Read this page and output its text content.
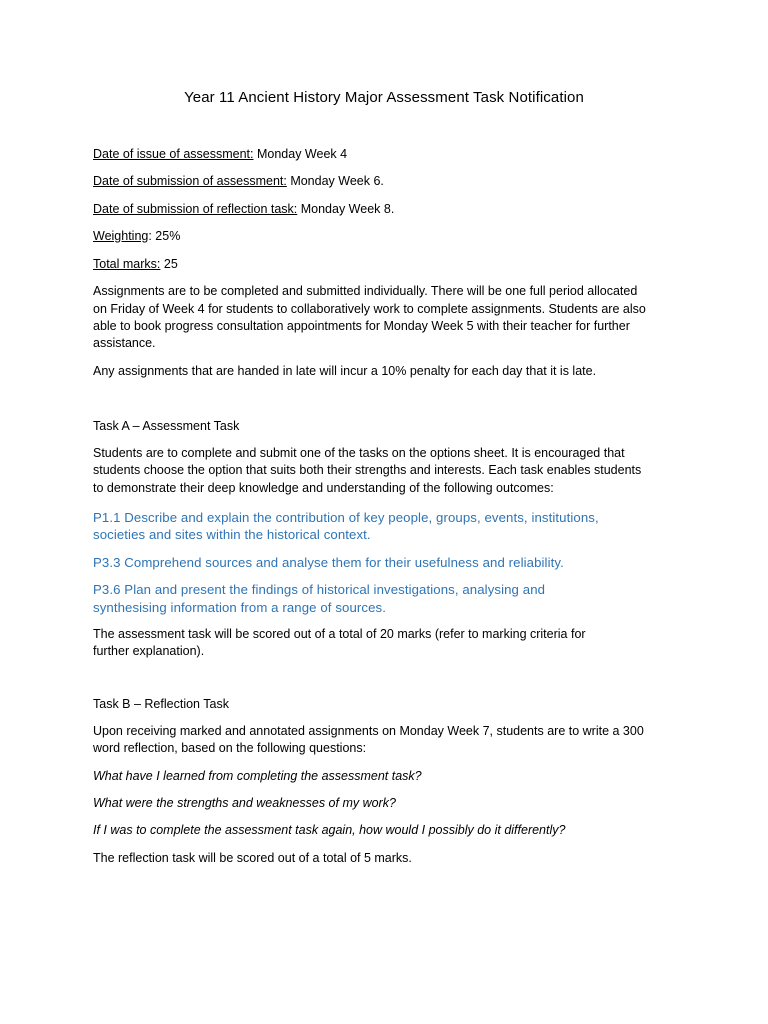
Year 11 Ancient History Major Assessment Task Notification
Date of issue of assessment: Monday Week 4
Date of submission of assessment: Monday Week 6.
Date of submission of reflection task: Monday Week 8.
Weighting: 25%
Total marks: 25
Assignments are to be completed and submitted individually. There will be one full period allocated
on Friday of Week 4 for students to collaboratively work to complete assignments. Students are also
able to book progress consultation appointments for Monday Week 5 with their teacher for further
assistance.
Any assignments that are handed in late will incur a 10% penalty for each day that it is late.
Task A – Assessment Task
Students are to complete and submit one of the tasks on the options sheet. It is encouraged that
students choose the option that suits both their strengths and interests. Each task enables students
to demonstrate their deep knowledge and understanding of the following outcomes:
P1.1 Describe and explain the contribution of key people, groups, events, institutions,
societies and sites within the historical context.
P3.3 Comprehend sources and analyse them for their usefulness and reliability.
P3.6 Plan and present the findings of historical investigations, analysing and
synthesising information from a range of sources.
The assessment task will be scored out of a total of 20 marks (refer to marking criteria for
further explanation).
Task B – Reflection Task
Upon receiving marked and annotated assignments on Monday Week 7, students are to write a 300
word reflection, based on the following questions:
What have I learned from completing the assessment task?
What were the strengths and weaknesses of my work?
If I was to complete the assessment task again, how would I possibly do it differently?
The reflection task will be scored out of a total of 5 marks.
